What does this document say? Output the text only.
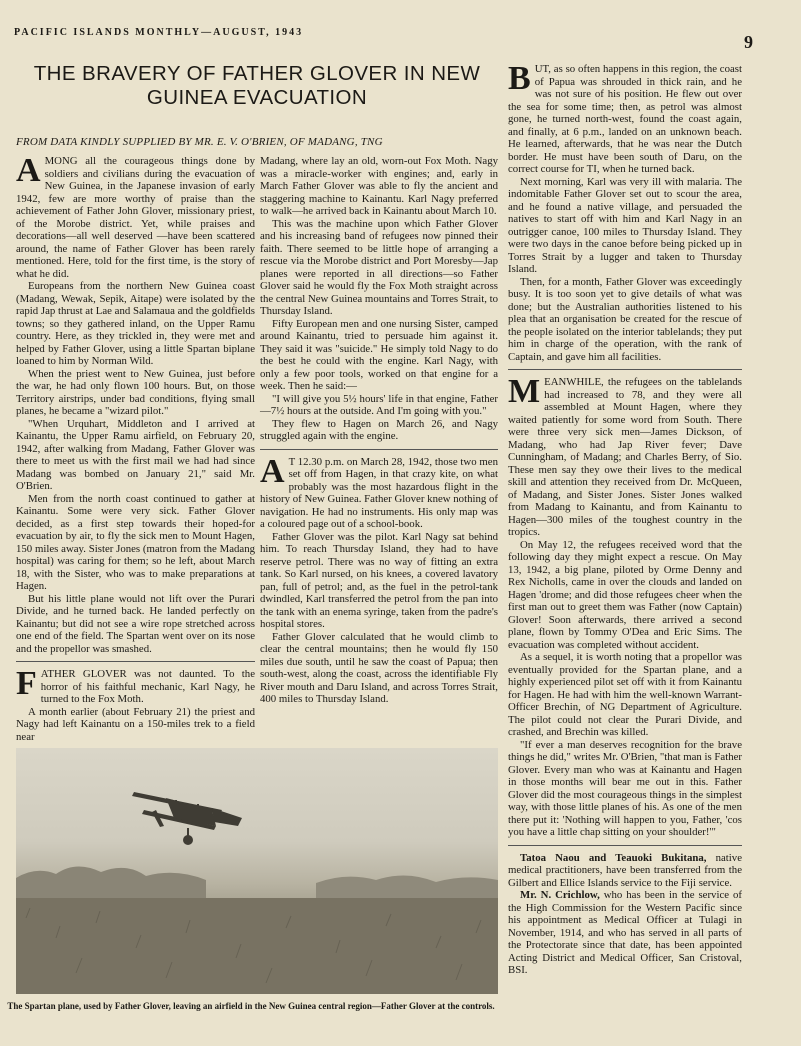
PACIFIC ISLANDS MONTHLY—AUGUST, 1943	9
THE BRAVERY OF FATHER GLOVER IN NEW GUINEA EVACUATION
FROM DATA KINDLY SUPPLIED BY MR. E. V. O'BRIEN, OF MADANG, TNG

AMONG all the courageous things done by soldiers and civilians during the evacuation of New Guinea, in the Japanese invasion of early 1942, few are more worthy of praise than the achievement of Father John Glover, missionary priest, of the Morobe district. Yet, while praises and decorations—all well deserved —have been scattered around, the name of Father Glover has been rarely mentioned. Here, told for the first time, is the story of what he did.

Europeans from the northern New Guinea coast (Madang, Wewak, Sepik, Aitape) were isolated by the rapid Jap thrust at Lae and Salamaua and the goldfields towns; so they gathered inland, on the Upper Ramu country. Here, as they trickled in, they were met and helped by Father Glover, using a little Spartan biplane loaned to him by Norman Wild.

When the priest went to New Guinea, just before the war, he had only flown 100 hours. But, on those Territory airstrips, under bad conditions, flying small planes, he became a "wizard pilot."

"When Urquhart, Middleton and I arrived at Kainantu, the Upper Ramu airfield, on February 20, 1942, after walking from Madang, Father Glover was there to meet us with the first mail we had had since Madang was bombed on January 21," said Mr. O'Brien.

Men from the north coast continued to gather at Kainantu. Some were very sick. Father Glover decided, as a first step towards their hoped-for evacuation by air, to fly the sick men to Mount Hagen, 150 miles away. Sister Jones (matron from the Madang hospital) was caring for them; so he left, about March 18, with the Sister, who was to make preparations at Hagen.

But his little plane would not lift over the Purari Divide, and he turned back. He landed perfectly on Kainantu; but did not see a wire rope stretched across one end of the field. The Spartan went over on its nose and the propellor was smashed.

FATHER GLOVER was not daunted. To the horror of his faithful mechanic, Karl Nagy, he turned to the Fox Moth.

A month earlier (about February 21) the priest and Nagy had left Kainantu on a 150-miles trek to a field near

Madang, where lay an old, worn-out Fox Moth. Nagy was a miracle-worker with engines; and, early in March Father Glover was able to fly the ancient and staggering machine to Kainantu. Karl Nagy preferred to walk—he arrived back in Kainantu about March 10.

This was the machine upon which Father Glover and his increasing band of refugees now pinned their faith. There seemed to be little hope of arranging a rescue via the Morobe district and Port Moresby—Jap planes were reported in all directions—so Father Glover said he would fly the Fox Moth straight across the central New Guinea mountains and Torres Strait, to Thursday Island.

Fifty European men and one nursing Sister, camped around Kainantu, tried to persuade him against it. They said it was "suicide." He simply told Nagy to do the best he could with the engine. Karl Nagy, with only a few poor tools, worked on that engine for a week. Then he said:—

"I will give you 5½ hours' life in that engine, Father—7½ hours at the outside. And I'm going with you."

They flew to Hagen on March 26, and Nagy struggled again with the engine.

A T 12.30 p.m. on March 28, 1942, those two men set off from Hagen, in that crazy kite, on what probably was the most hazardous flight in the history of New Guinea. Father Glover knew nothing of navigation. He had no instruments. His only map was a coloured page out of a school-book.

Father Glover was the pilot. Karl Nagy sat behind him. To reach Thursday Island, they had to have reserve petrol. There was no way of fitting an extra tank. So Karl nursed, on his knees, a covered lavatory pan, full of petrol; and, as the fuel in the petrol-tank dwindled, Karl transferred the petrol from the pan into the tank with an enema syringe, taken from the padre's hospital stores.

Father Glover calculated that he would climb to clear the central mountains; then he would fly 150 miles due south, until he saw the coast of Papua; then south-west, along the coast, across the identifiable Fly River mouth and Daru Island, and across Torres Strait, 400 miles to Thursday Island.

BUT, as so often happens in this region, the coast of Papua was shrouded in thick rain, and he was not sure of his position. He flew out over the sea for some time; then, as petrol was almost gone, he turned north-west, found the coast again, and finally, at 6 p.m., landed on an unknown beach. He learned, afterwards, that he was near the Dutch border. He must have been south of Daru, on the correct course for TI, when he turned back.

Next morning, Karl was very ill with malaria. The indomitable Father Glover set out to scour the area, and he found a native village, and persuaded the natives to start off with him and Karl Nagy in an outrigger canoe, 100 miles to Thursday Island. They were two days in the canoe before being picked up in Torres Strait by a lugger and taken to Thursday Island.

Then, for a month, Father Glover was exceedingly busy. It is too soon yet to give details of what was done; but the Australian authorities listened to his plea that an organisation be created for the rescue of the people isolated on the interior tablelands; they put him in charge of the operation, with the rank of Captain, and gave him all facilities.

MEANWHILE, the refugees on the tablelands had increased to 78, and they were all assembled at Mount Hagen, where they waited patiently for some word from South. There were three very sick men—James Dickson, of Madang, who had Jap River fever; Dave Cunningham, of Madang; and Charles Berry, of Sio. These men say they owe their lives to the medical skill and attention they received from Dr. McQueen, of Madang, and Sister Jones. Sister Jones walked from Madang to Kainantu, and from Kainantu to Hagen—300 miles of the toughest country in the tropics.

On May 12, the refugees received word that the following day they might expect a rescue. On May 13, 1942, a big plane, piloted by Orme Denny and Rex Nicholls, came in over the clouds and landed on Hagen 'drome; and did those refugees cheer when the first man out to greet them was Father (now Captain) Glover! Soon afterwards, there arrived a second plane, flown by Tommy O'Dea and Eric Sims. The evacuation was completed without accident.

As a sequel, it is worth noting that a propellor was eventually provided for the Spartan plane, and a highly experienced pilot set off with it from Kainantu for Hagen. He had with him the well-known Warrant-Officer Brechin, of NG Department of Agriculture. The pilot could not clear the Purari Divide, and crashed, and Brechin was killed.

"If ever a man deserves recognition for the brave things he did," writes Mr. O'Brien, "that man is Father Glover. Every man who was at Kainantu and Hagen in those months will bear me out in this. Father Glover did the most courageous things in the simplest way, with those little planes of his. As one of the men there put it: 'Nothing will happen to you, Father, 'cos you have a little chap sitting on your shoulder!'"

Tatoa Naou and Teauoki Bukitana, native medical practitioners, have been transferred from the Gilbert and Ellice Islands service to the Fiji service.

Mr. N. Crichlow, who has been in the service of the High Commission for the Western Pacific since his appointment as Medical Officer at Tulagi in November, 1914, and who has served in all parts of the Protectorate since that date, has been appointed Acting District and Medical Officer, San Cristoval, BSI.

The Spartan plane, used by Father Glover, leaving an airfield in the New Guinea central region—Father Glover at the controls.
